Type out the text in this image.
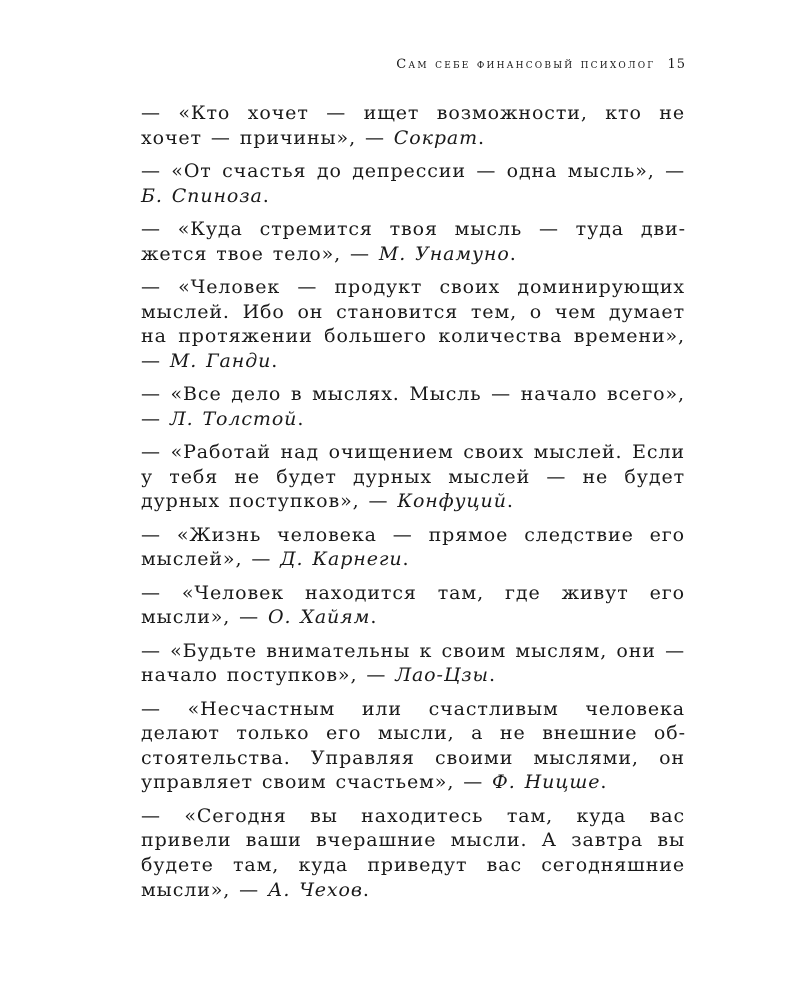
Сам себе финансовый психолог 15

— «Кто хочет — ищет возможности, кто не хочет — причины», — Сократ.

— «От счастья до депрессии — одна мысль», — Б. Спиноза.

— «Куда стремится твоя мысль — туда движется твое тело», — М. Унамуно.

— «Человек — продукт своих доминирующих мыслей. Ибо он становится тем, о чем думает на протяжении большего количества времени», — М. Ганди.

— «Все дело в мыслях. Мысль — начало всего», — Л. Толстой.

— «Работай над очищением своих мыслей. Если у тебя не будет дурных мыслей — не будет дурных поступков», — Конфуций.

— «Жизнь человека — прямое следствие его мыслей», — Д. Карнеги.

— «Человек находится там, где живут его мысли», — О. Хайям.

— «Будьте внимательны к своим мыслям, они — начало поступков», — Лао-Цзы.

— «Несчастным или счастливым человека делают только его мысли, а не внешние обстоятельства. Управляя своими мыслями, он управляет своим счастьем», — Ф. Ницше.

— «Сегодня вы находитесь там, куда вас привели ваши вчерашние мысли. А завтра вы будете там, куда приведут вас сегодняшние мысли», — А. Чехов.
